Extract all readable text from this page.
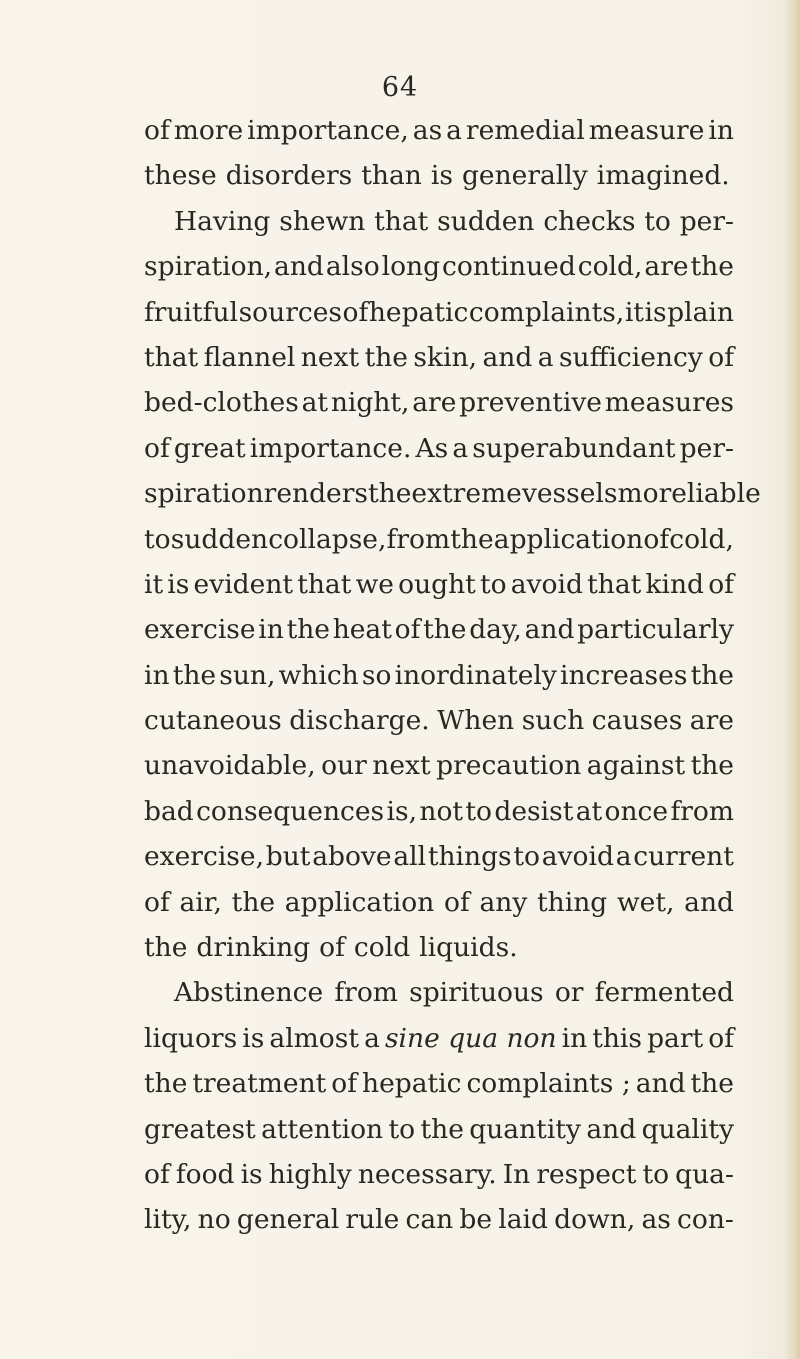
64
of more importance, as a remedial measure in
these disorders than is generally imagined.
Having shewn that sudden checks to per-
spiration, and also long continued cold, are the
fruitful sources of hepatic complaints, it is plain
that flannel next the skin, and a sufficiency of
bed-clothes at night, are preventive measures
of great importance. As a superabundant per-
spiration renders the extreme vessels more liable
to sudden collapse, from the application of cold,
it is evident that we ought to avoid that kind of
exercise in the heat of the day, and particularly
in the sun, which so inordinately increases the
cutaneous discharge. When such causes are
unavoidable, our next precaution against the
bad consequences is, not to desist at once from
exercise, but above all things to avoid a current
of air, the application of any thing wet, and
the drinking of cold liquids.
Abstinence from spirituous or fermented
liquors is almost a sine qua non in this part of
the treatment of hepatic complaints ; and the
greatest attention to the quantity and quality
of food is highly necessary. In respect to qua-
lity, no general rule can be laid down, as con-
